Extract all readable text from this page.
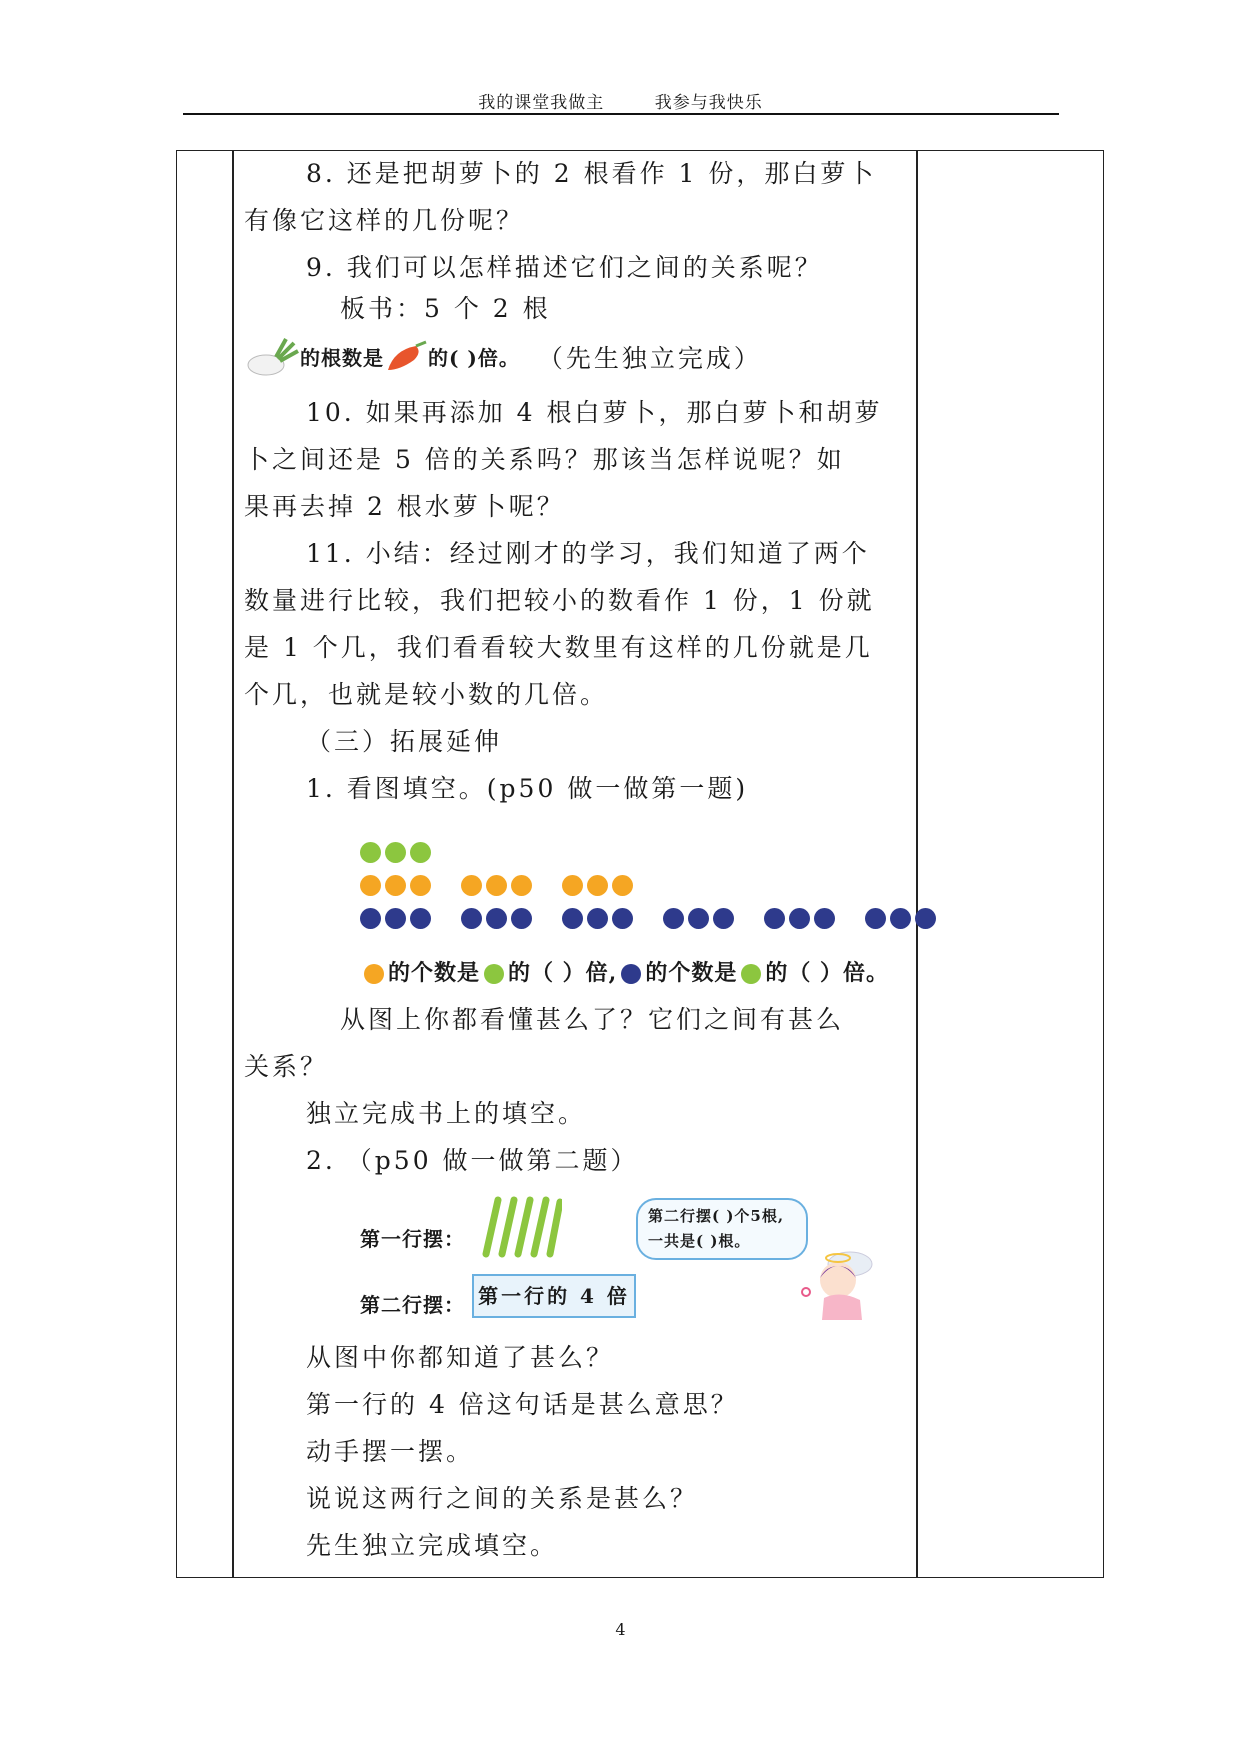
我的课堂我做主	我参与我快乐

8. 还是把胡萝卜的 2 根看作 1 份，那白萝卜

有像它这样的几份呢？

9. 我们可以怎样描述它们之间的关系呢？

板书：5 个 2 根

的根数是 的( )倍。 （先生独立完成）

10. 如果再添加 4 根白萝卜，那白萝卜和胡萝

卜之间还是 5 倍的关系吗？那该当怎样说呢？如

果再去掉 2 根水萝卜呢？

11. 小结：经过刚才的学习，我们知道了两个

数量进行比较，我们把较小的数看作 1 份，1 份就

是 1 个几，我们看看较大数里有这样的几份就是几

个几，也就是较小数的几倍。

（三）拓展延伸

1. 看图填空。(p50 做一做第一题)

的个数是 的（ ）倍, 的个数是 的（ ）倍。

从图上你都看懂甚么了？它们之间有甚么

关系？

独立完成书上的填空。

2. （p50 做一做第二题）

第一行摆：
第二行摆： 第一行的 4 倍
第二行摆( )个5根,
一共是( )根。

从图中你都知道了甚么？

第一行的 4 倍这句话是甚么意思？

动手摆一摆。

说说这两行之间的关系是甚么？

先生独立完成填空。

4
